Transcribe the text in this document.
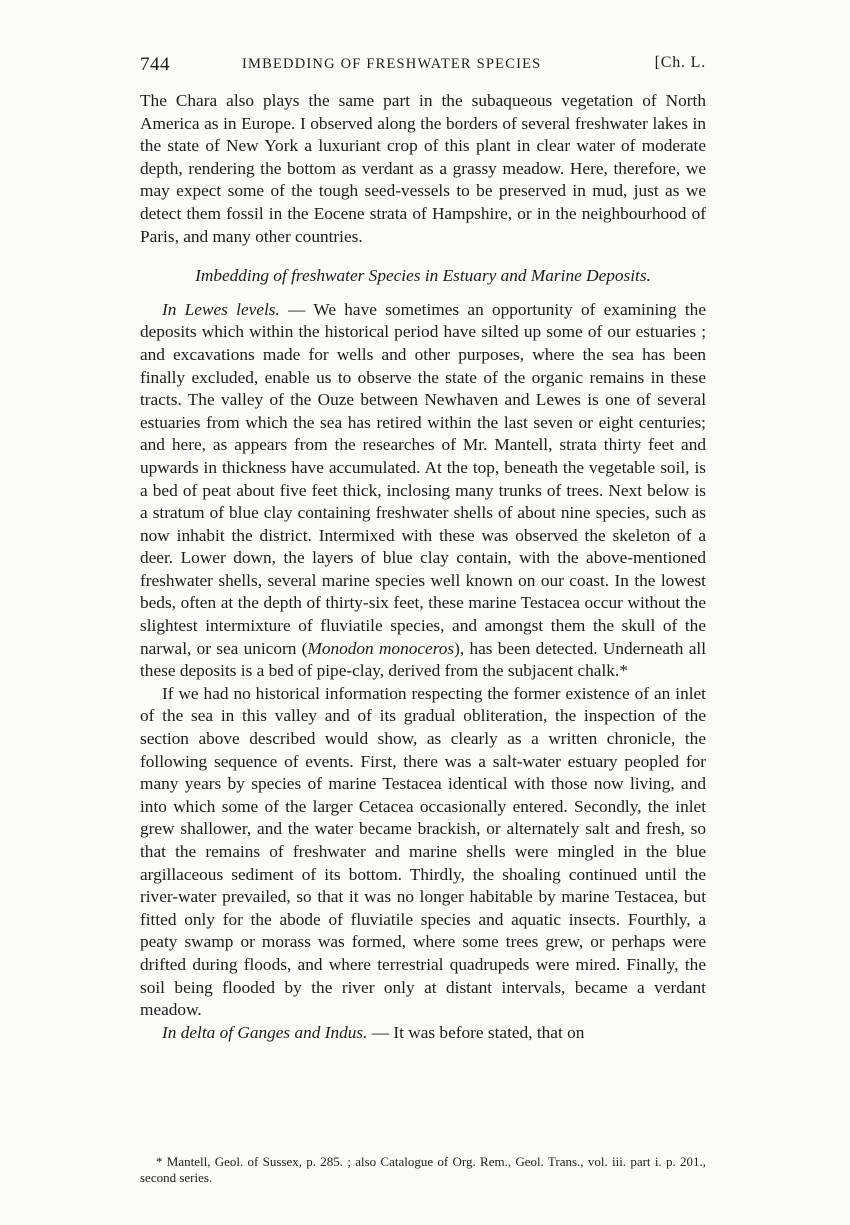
744	IMBEDDING OF FRESHWATER SPECIES	[Ch. L.

The Chara also plays the same part in the subaqueous vegetation of North America as in Europe. I observed along the borders of several freshwater lakes in the state of New York a luxuriant crop of this plant in clear water of moderate depth, rendering the bottom as verdant as a grassy meadow. Here, therefore, we may expect some of the tough seed-vessels to be preserved in mud, just as we detect them fossil in the Eocene strata of Hampshire, or in the neighbourhood of Paris, and many other countries.

Imbedding of freshwater Species in Estuary and Marine Deposits.

In Lewes levels. — We have sometimes an opportunity of examining the deposits which within the historical period have silted up some of our estuaries ; and excavations made for wells and other purposes, where the sea has been finally excluded, enable us to observe the state of the organic remains in these tracts. The valley of the Ouze between Newhaven and Lewes is one of several estuaries from which the sea has retired within the last seven or eight centuries; and here, as appears from the researches of Mr. Mantell, strata thirty feet and upwards in thickness have accumulated. At the top, beneath the vegetable soil, is a bed of peat about five feet thick, inclosing many trunks of trees. Next below is a stratum of blue clay containing freshwater shells of about nine species, such as now inhabit the district. Intermixed with these was observed the skeleton of a deer. Lower down, the layers of blue clay contain, with the above-mentioned freshwater shells, several marine species well known on our coast. In the lowest beds, often at the depth of thirty-six feet, these marine Testacea occur without the slightest intermixture of fluviatile species, and amongst them the skull of the narwal, or sea unicorn (Monodon monoceros), has been detected. Underneath all these deposits is a bed of pipe-clay, derived from the subjacent chalk.*

If we had no historical information respecting the former existence of an inlet of the sea in this valley and of its gradual obliteration, the inspection of the section above described would show, as clearly as a written chronicle, the following sequence of events. First, there was a salt-water estuary peopled for many years by species of marine Testacea identical with those now living, and into which some of the larger Cetacea occasionally entered. Secondly, the inlet grew shallower, and the water became brackish, or alternately salt and fresh, so that the remains of freshwater and marine shells were mingled in the blue argillaceous sediment of its bottom. Thirdly, the shoaling continued until the river-water prevailed, so that it was no longer habitable by marine Testacea, but fitted only for the abode of fluviatile species and aquatic insects. Fourthly, a peaty swamp or morass was formed, where some trees grew, or perhaps were drifted during floods, and where terrestrial quadrupeds were mired. Finally, the soil being flooded by the river only at distant intervals, became a verdant meadow.

In delta of Ganges and Indus. — It was before stated, that on

* Mantell, Geol. of Sussex, p. 285. ; also Catalogue of Org. Rem., Geol. Trans., vol. iii. part i. p. 201., second series.
